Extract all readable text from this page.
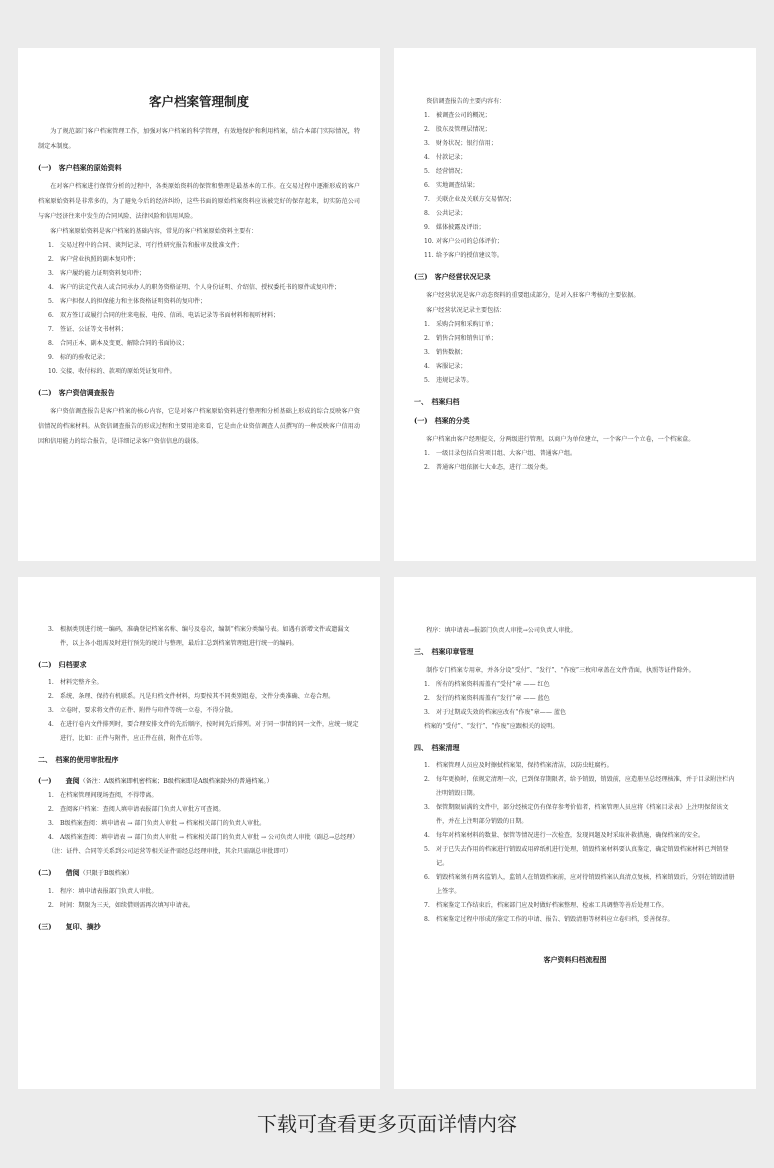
客户档案管理制度

为了规范部门客户档案管理工作，加强对客户档案的科学管理，有效地保护和利用档案，结合本部门实际情况，特制定本制度。

(一)　客户档案的原始资料

在对客户档案进行保管分析的过程中，各类原始资料的保管和整理是最基本的工作。在交易过程中逐渐形成的客户档案原始资料是非常多的，为了避免今后的经济纠纷，这些书面的原始档案资料应该被完好的保存起来，切实防范公司与客户经济往来中发生的合同风险、法律风险和信用风险。

客户档案原始资料是客户档案的基础内容，常见的客户档案原始资料主要有：

1.	交易过程中的合同、谈判记录、可行性研究报告和报审及批准文件；
2.	客户营业执照的副本复印件；
3.	客户履约能力证明资料复印件；
4.	客户的法定代表人或合同承办人的职务资格证明、个人身份证明、介绍信、授权委托书的原件或复印件；
5.	客户担保人的担保能力和主体资格证明资料的复印件；
6.	双方签订或履行合同的往来电报、电传、信函、电话记录等书面材料和视听材料；
7.	签证、公证等文书材料；
8.	合同正本、副本及变更、解除合同的书面协议；
9.	标的的验收记录；
10. 交接、收付标的、款项的原始凭证复印件。
(二)　客户资信调查报告

客户资信调查报告是客户档案的核心内容，它是对客户档案原始资料进行整理和分析基础上形成的综合反映客户资信情况的档案材料。从资信调查报告的形成过程和主要用途来看，它是由企业资信调查人员撰写的一种反映客户信用动因和信用能力的综合报告，是详细记录客户资信信息的载体。

资信调查报告的主要内容有：

1.	被调查公司的概况；
2.	股东及管理层情况；
3.	财务状况；银行信用；
4.	付款记录；
5.	经营情况；
6.	实地调查结果；
7.	关联企业及关联方交易情况；
8.	公共记录；
9.	媒体披露及评语；
10. 对客户公司的总体评价；
11. 给予客户的授信建议等。
(三)　客户经营状况记录

客户经营状况是客户动态资料的重要组成部分，是对入驻客户考核的主要依据。

客户经营状况记录主要包括：

1.	采购合同和采购订单；
2.	销售合同和销售订单；
3.	销售数据；
4.	客服记录；
5.	违规记录等。
一、　档案归档
(一)　档案的分类

客户档案由客户经理提交，分两级进行管理。以商户为单位建立，一个客户一个立卷，一个档案盒。

1.	一级目录包括自营项目组、大客户组、普通客户组。
2.	普通客户组依据七大业态，进行二级分类。
3.	根据类别进行统一编码，准确登记档案名称、编号及卷次，编制“档案分类编号表。如遇有新增文件或遗漏文件，以上各小组需及时进行预先的统计与整理，最后汇总到档案管理组进行统一的编码。
(二)　归档要求
1.	材料完整齐全。
2.	系统、条理、保持有机联系。凡是归档文件材料，均要按其不同类别组卷，文件分类准确、立卷合理。
3.	立卷时，要求将文件的正件、附件与印件等统一立卷，不得分散。
4.	在进行卷内文件排列时，要合理安排文件的先后顺序，按时间先后排列。对于同一事情的同一文件，应统一规定进行，比如：正件与附件，应正件在前，附件在后等。
二、　档案的使用审批程序
(一)　　查阅（备注：A级档案即机密档案；B级档案即是A级档案除外的普通档案。）
1.	在档案管理间现场查阅，不得带离。
2.	查阅客户档案：查阅人填申请表报部门负责人审批方可查阅。
3.	B级档案查阅：填申请表 → 部门负责人审批 → 档案相关部门的负责人审批。
4.	A级档案查阅：填申请表 → 部门负责人审批 → 档案相关部门的负责人审批 → 公司负责人审批（副总→总经理）

（注：证件、合同等关系到公司运营等相关证件需经总经理审批，其余只需副总审批即可）

(二)　　借阅（只限于B级档案）
1.	程序：填申请表报部门负责人审批。
2.	时间：期限为三天，如续借则需再次填写申请表。
(三)　　复印、摘抄

程序：填申请表→报部门负责人审批→公司负责人审批。

三、　档案印章管理

制作专门档案专用章，并各分设“受付”、“发行”、“作废”三枚印章盖在文件背面，执照等证件除外。

1.	所有的档案资料需盖有“受付”章 —— 红色
2.	发行的档案资料需盖有“发行”章 —— 蓝色
3.	对于过期或失效的档案应改有“作废”章—— 蓝色

档案的“受付”、“发行”、“作废”应跟相关的说明。

四、　档案清理
1.	档案管理人员应及时擦拭档案架，保持档案清洁，以防虫蛀腐朽。
2.	每年更换时，依规定清理一次，已到保存期限者，给予销毁，销毁前，应造册呈总经理核准，并于目录附注栏内注明销毁日期。
3.	保管期限届满的文件中，部分经核定仍有保存参考价值者，档案管理人员应将《档案目录表》上注明保留该文件，并在上注明部分销毁的日期。
4.	每年对档案材料的数量、保管等情况进行一次检查，发现问题及时采取补救措施，确保档案的安全。
5.	对于已失去作用的档案进行销毁或用碎纸机进行处理，销毁档案材料要认真鉴定，确定销毁档案材料已判销登记。
6.	销毁档案须有两名监销人，监销人在销毁档案前，应对待销毁档案认真清点复核，档案销毁后，分别在销毁清册上签字。
7.	档案鉴定工作结束后，档案部门应及时做好档案整理、检索工具调整等善后处理工作。
8.	档案鉴定过程中形成的鉴定工作的申请、报告、销毁清册等材料应立卷归档，妥善保存。
客户资料归档流程图
下载可查看更多页面详情内容
